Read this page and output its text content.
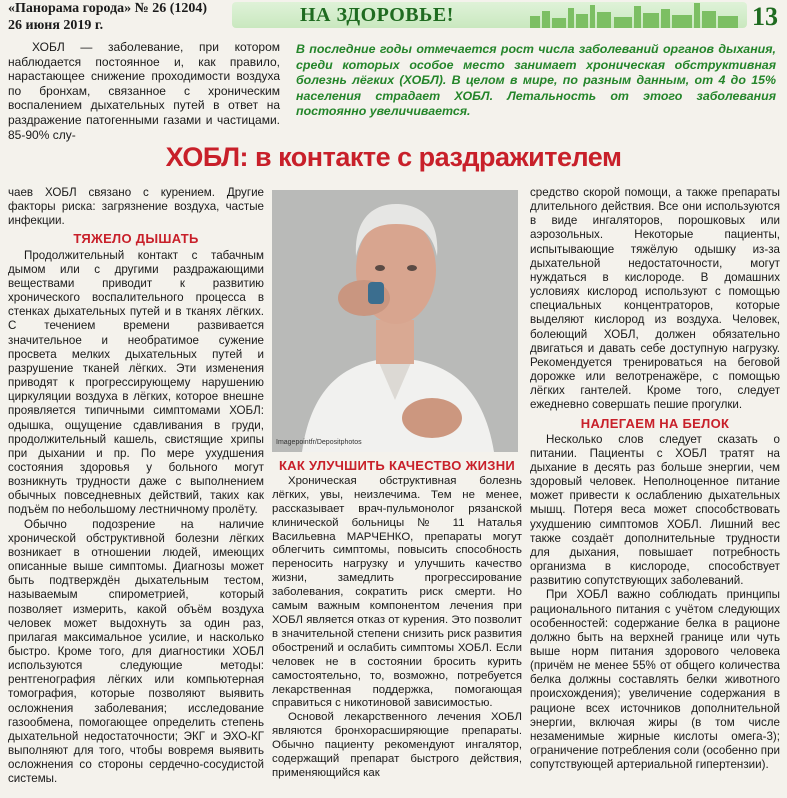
«Панорама города» № 26 (1204)
26 июня 2019 г.	НА ЗДОРОВЬЕ!	13

ХОБЛ — заболевание, при котором наблюдается постоянное и, как правило, нарастающее снижение проходимости воздуха по бронхам, связанное с хроническим воспалением дыхательных путей в ответ на раздражение патогенными газами и частицами. 85-90% слу-

В последние годы отмечается рост числа заболеваний органов дыхания, среди которых особое место занимает хроническая обструктивная болезнь лёгких (ХОБЛ). В целом в мире, по разным данным, от 4 до 15% населения страдает ХОБЛ. Летальность от этого заболевания постоянно увеличивается.
ХОБЛ: в контакте с раздражителем

чаев ХОБЛ связано с курением. Другие факторы риска: загрязнение воздуха, частые инфекции.

ТЯЖЕЛО ДЫШАТЬ

Продолжительный контакт с табачным дымом или с другими раздражающими веществами приводит к развитию хронического воспалительного процесса в стенках дыхательных путей и в тканях лёгких. С течением времени развивается значительное и необратимое сужение просвета мелких дыхательных путей и разрушение тканей лёгких. Эти изменения приводят к прогрессирующему нарушению циркуляции воздуха в лёгких, которое внешне проявляется типичными симптомами ХОБЛ: одышка, ощущение сдавливания в груди, продолжительный кашель, свистящие хрипы при дыхании и пр. По мере ухудшения состояния здоровья у больного могут возникнуть трудности даже с выполнением обычных повседневных действий, таких как подъём по небольшому лестничному пролёту.

Обычно подозрение на наличие хронической обструктивной болезни лёгких возникает в отношении людей, имеющих описанные выше симптомы. Диагнозы может быть подтверждён дыхательным тестом, называемым спирометрией, который позволяет измерить, какой объём воздуха человек может выдохнуть за один раз, прилагая максимальное усилие, и насколько быстро. Кроме того, для диагностики ХОБЛ используются следующие методы: рентгенография лёгких или компьютерная томография, которые позволяют выявить осложнения заболевания; исследование газообмена, помогающее определить степень дыхательной недостаточности; ЭКГ и ЭХО-КГ выполняют для того, чтобы вовремя выявить осложнения со стороны сердечно-сосудистой системы.

Imagepointfr/Depositphotos
КАК УЛУЧШИТЬ КАЧЕСТВО ЖИЗНИ

Хроническая обструктивная болезнь лёгких, увы, неизлечима. Тем не менее, рассказывает врач-пульмонолог рязанской клинической больницы № 11 Наталья Васильевна МАРЧЕНКО, препараты могут облегчить симптомы, повысить способность переносить нагрузку и улучшить качество жизни, замедлить прогрессирование заболевания, сократить риск смерти. Но самым важным компонентом лечения при ХОБЛ является отказ от курения. Это позволит в значительной степени снизить риск развития обострений и ослабить симптомы ХОБЛ. Если человек не в состоянии бросить курить самостоятельно, то, возможно, потребуется лекарственная поддержка, помогающая справиться с никотиновой зависимостью.

Основой лекарственного лечения ХОБЛ являются бронхорасширяющие препараты. Обычно пациенту рекомендуют ингалятор, содержащий препарат быстрого действия, применяющийся как

средство скорой помощи, а также препараты длительного действия. Все они используются в виде ингаляторов, порошковых или аэрозольных. Некоторые пациенты, испытывающие тяжёлую одышку из-за дыхательной недостаточности, могут нуждаться в кислороде. В домашних условиях кислород используют с помощью специальных концентраторов, которые выделяют кислород из воздуха. Человек, болеющий ХОБЛ, должен обязательно двигаться и давать себе доступную нагрузку. Рекомендуется тренироваться на беговой дорожке или велотренажёре, с помощью лёгких гантелей. Кроме того, следует ежедневно совершать пешие прогулки.

НАЛЕГАЕМ НА БЕЛОК

Несколько слов следует сказать о питании. Пациенты с ХОБЛ тратят на дыхание в десять раз больше энергии, чем здоровый человек. Неполноценное питание может привести к ослаблению дыхательных мышц. Потеря веса может способствовать ухудшению симптомов ХОБЛ. Лишний вес также создаёт дополнительные трудности для дыхания, повышает потребность организма в кислороде, способствует развитию сопутствующих заболеваний.

При ХОБЛ важно соблюдать принципы рационального питания с учётом следующих особенностей: содержание белка в рационе должно быть на верхней границе или чуть выше норм питания здорового человека (причём не менее 55% от общего количества белка должны составлять белки животного происхождения); увеличение содержания в рационе всех источников дополнительной энергии, включая жиры (в том числе незаменимые жирные кислоты омега-3); ограничение потребления соли (особенно при сопутствующей артериальной гипертензии).
